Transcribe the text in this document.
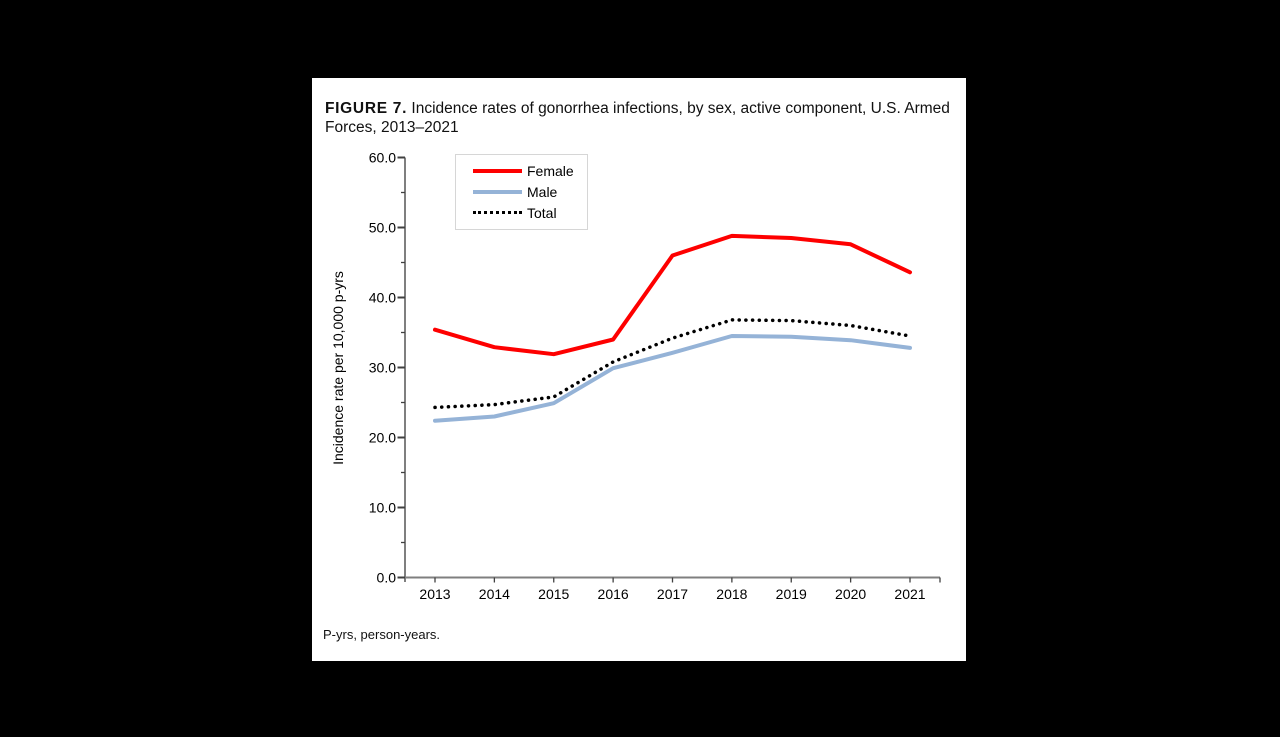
FIGURE 7. Incidence rates of gonorrhea infections, by sex, active component, U.S. Armed Forces, 2013–2021

0.0
10.0
20.0
30.0
40.0
50.0
60.0
2013 2014 2015 2016 2017 2018 2019 2020 2021
Incidence rate per 10,000 p-yrs
Female
Male
Total
P-yrs, person-years.
